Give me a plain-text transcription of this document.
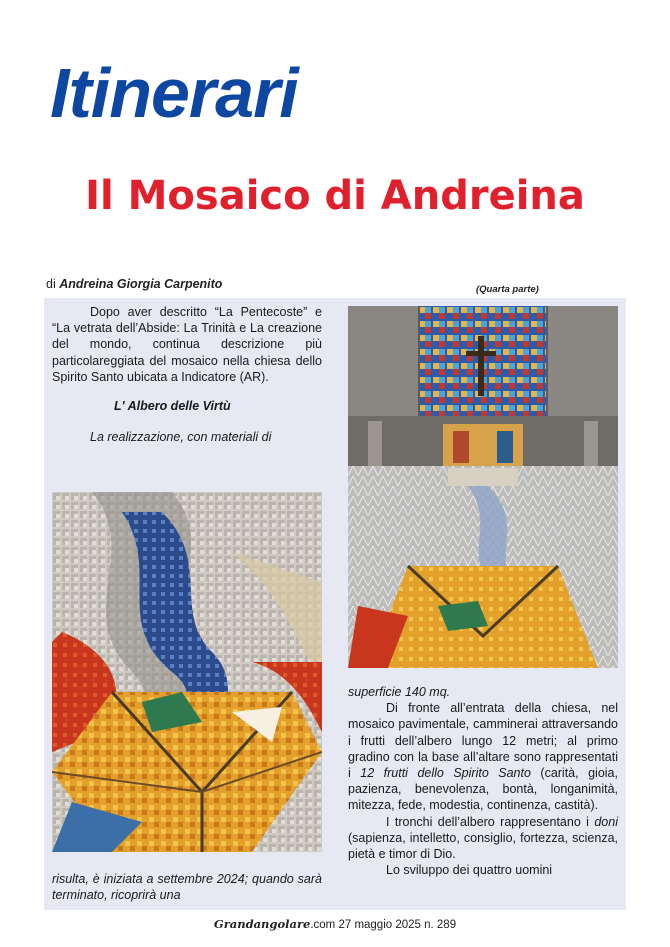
Itinerari
Il Mosaico di Andreina
di Andreina Giorgia Carpenito	(Quarta parte)

Dopo aver descritto “La Pentecoste” e “La vetrata dell’Abside: La Trinità e La creazione del mondo, continua descrizione più particolareggiata del mosaico nella chiesa dello Spirito Santo ubicata a Indicatore (AR).

L' Albero delle Virtù

La realizzazione, con materiali di

superficie 140 mq.

Di fronte all’entrata della chiesa, nel mosaico pavimentale, camminerai attraversando i frutti dell’albero lungo 12 metri; al primo gradino con la base all’altare sono rappresentati i 12 frutti dello Spirito Santo (carità, gioia, pazienza, benevolenza, bontà, longanimità, mitezza, fede, modestia, continenza, castità).

I tronchi dell’albero rappresentano i doni (sapienza, intelletto, consiglio, fortezza, scienza, pietà e timor di Dio.

Lo sviluppo dei quattro uomini

risulta, è iniziata a settembre 2024; quando sarà terminato, ricoprirà una

Grandangolare.com 27 maggio 2025 n. 289
